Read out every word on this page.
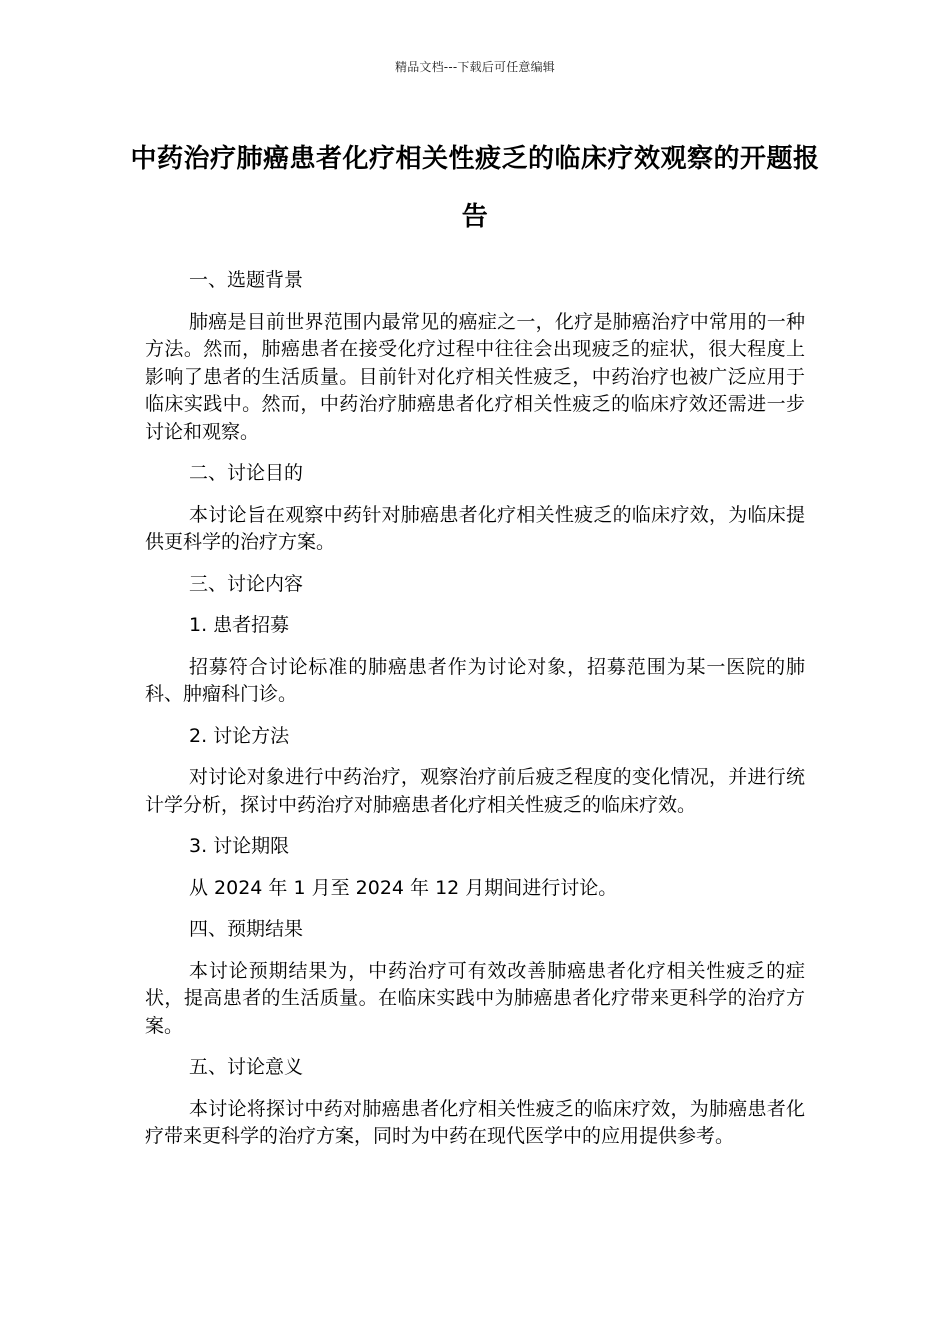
精品文档---下载后可任意编辑
中药治疗肺癌患者化疗相关性疲乏的临床疗效观察的开题报告

一、选题背景

肺癌是目前世界范围内最常见的癌症之一，化疗是肺癌治疗中常用的一种方法。然而，肺癌患者在接受化疗过程中往往会出现疲乏的症状，很大程度上影响了患者的生活质量。目前针对化疗相关性疲乏，中药治疗也被广泛应用于临床实践中。然而，中药治疗肺癌患者化疗相关性疲乏的临床疗效还需进一步讨论和观察。

二、讨论目的

本讨论旨在观察中药针对肺癌患者化疗相关性疲乏的临床疗效，为临床提供更科学的治疗方案。

三、讨论内容

1. 患者招募

招募符合讨论标准的肺癌患者作为讨论对象，招募范围为某一医院的肺科、肿瘤科门诊。

2. 讨论方法

对讨论对象进行中药治疗，观察治疗前后疲乏程度的变化情况，并进行统计学分析，探讨中药治疗对肺癌患者化疗相关性疲乏的临床疗效。

3. 讨论期限

从 2024 年 1 月至 2024 年 12 月期间进行讨论。

四、预期结果

本讨论预期结果为，中药治疗可有效改善肺癌患者化疗相关性疲乏的症状，提高患者的生活质量。在临床实践中为肺癌患者化疗带来更科学的治疗方案。

五、讨论意义

本讨论将探讨中药对肺癌患者化疗相关性疲乏的临床疗效，为肺癌患者化疗带来更科学的治疗方案，同时为中药在现代医学中的应用提供参考。
